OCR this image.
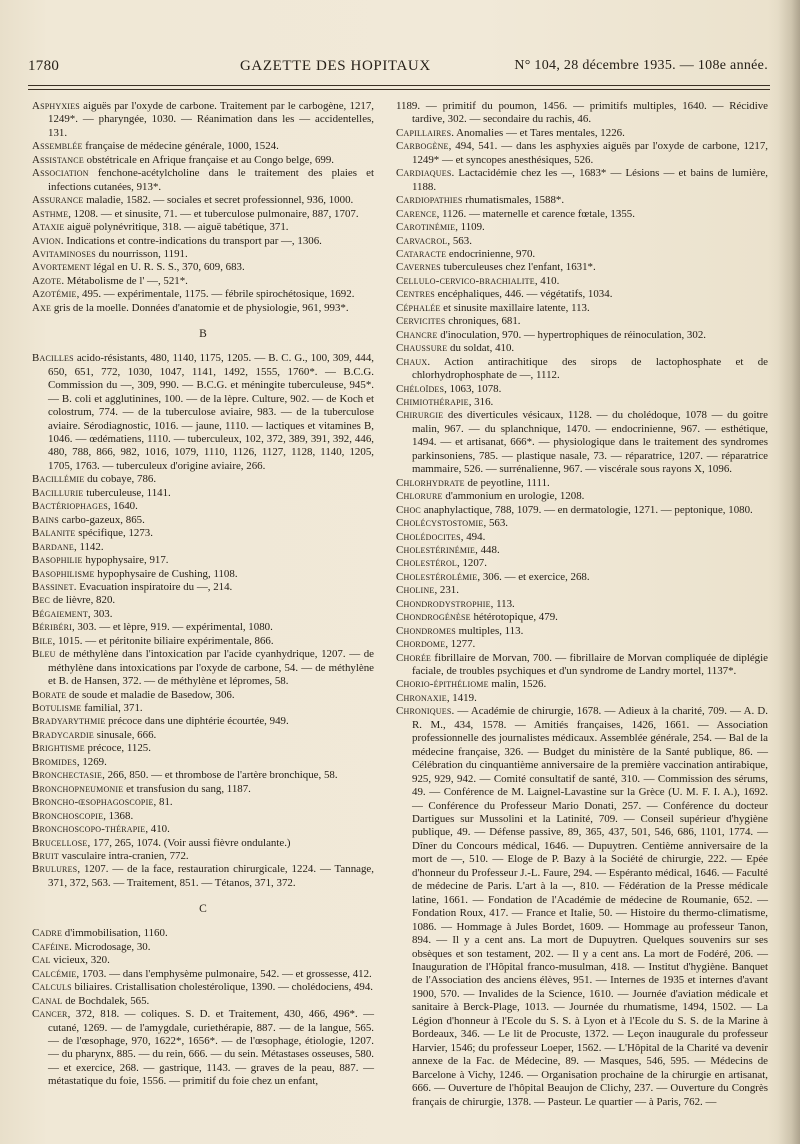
1780	GAZETTE DES HOPITAUX	N° 104, 28 décembre 1935. — 108e année.

Asphyxies aiguës par l'oxyde de carbone. Traitement par le carbogène, 1217, 1249*. — pharyngée, 1030. — Réanimation dans les — accidentelles, 131.

Assemblée française de médecine générale, 1000, 1524.

Assistance obstétricale en Afrique française et au Congo belge, 699.

Association fenchone-acétylcholine dans le traitement des plaies et infections cutanées, 913*.

Assurance maladie, 1582. — sociales et secret professionnel, 936, 1000.

Asthme, 1208. — et sinusite, 71. — et tuberculose pulmonaire, 887, 1707.

Ataxie aiguë polynévritique, 318. — aiguë tabétique, 371.

Avion. Indications et contre-indications du transport par —, 1306.

Avitaminoses du nourrisson, 1191.

Avortement légal en U. R. S. S., 370, 609, 683.

Azote. Métabolisme de l' —, 521*.

Azotémie, 495. — expérimentale, 1175. — fébrile spirochétosique, 1692.

Axe gris de la moelle. Données d'anatomie et de physiologie, 961, 993*.

B

Bacilles acido-résistants, 480, 1140, 1175, 1205. — B. C. G., 100, 309, 444, 650, 651, 772, 1030, 1047, 1141, 1492, 1555, 1760*. — B.C.G. Commission du —, 309, 990. — B.C.G. et méningite tuberculeuse, 945*. — B. coli et agglutinines, 100. — de la lèpre. Culture, 902. — de Koch et colostrum, 774. — de la tuberculose aviaire, 983. — de la tuberculose aviaire. Sérodiagnostic, 1016. — jaune, 1110. — lactiques et vitamines B, 1046. — œdématiens, 1110. — tuberculeux, 102, 372, 389, 391, 392, 446, 480, 788, 866, 982, 1016, 1079, 1110, 1126, 1127, 1128, 1140, 1205, 1705, 1763. — tuberculeux d'origine aviaire, 266.

Bacillémie du cobaye, 786.

Bacillurie tuberculeuse, 1141.

Bactériophages, 1640.

Bains carbo-gazeux, 865.

Balanite spécifique, 1273.

Bardane, 1142.

Basophilie hypophysaire, 917.

Basophilisme hypophysaire de Cushing, 1108.

Bassinet. Evacuation inspiratoire du —, 214.

Bec de lièvre, 820.

Bégaiement, 303.

Béribéri, 303. — et lèpre, 919. — expérimental, 1080.

Bile, 1015. — et péritonite biliaire expérimentale, 866.

Bleu de méthylène dans l'intoxication par l'acide cyanhydrique, 1207. — de méthylène dans intoxications par l'oxyde de carbone, 54. — de méthylène et B. de Hansen, 372. — de méthylène et lépromes, 58.

Borate de soude et maladie de Basedow, 306.

Botulisme familial, 371.

Bradyarythmie précoce dans une diphtérie écourtée, 949.

Bradycardie sinusale, 666.

Brightisme précoce, 1125.

Bromides, 1269.

Bronchectasie, 266, 850. — et thrombose de l'artère bronchique, 58.

Bronchopneumonie et transfusion du sang, 1187.

Broncho-œsophagoscopie, 81.

Bronchoscopie, 1368.

Bronchoscopo-thérapie, 410.

Brucellose, 177, 265, 1074. (Voir aussi fièvre ondulante.)

Bruit vasculaire intra-cranien, 772.

Brulures, 1207. — de la face, restauration chirurgicale, 1224. — Tannage, 371, 372, 563. — Traitement, 851. — Tétanos, 371, 372.

C

Cadre d'immobilisation, 1160.

Caféine. Microdosage, 30.

Cal vicieux, 320.

Calcémie, 1703. — dans l'emphysème pulmonaire, 542. — et grossesse, 412.

Calculs biliaires. Cristallisation cholestérolique, 1390. — cholédociens, 494.

Canal de Bochdalek, 565.

Cancer, 372, 818. — coliques. S. D. et Traitement, 430, 466, 496*. — cutané, 1269. — de l'amygdale, curiethérapie, 887. — de la langue, 565. — de l'œsophage, 970, 1622*, 1656*. — de l'œsophage, étiologie, 1207. — du pharynx, 885. — du rein, 666. — du sein. Métastases osseuses, 580. — et exercice, 268. — gastrique, 1143. — graves de la peau, 887. — métastatique du foie, 1556. — primitif du foie chez un enfant,

1189. — primitif du poumon, 1456. — primitifs multiples, 1640. — Récidive tardive, 302. — secondaire du rachis, 46.

Capillaires. Anomalies — et Tares mentales, 1226.

Carbogène, 494, 541. — dans les asphyxies aiguës par l'oxyde de carbone, 1217, 1249* — et syncopes anesthésiques, 526.

Cardiaques. Lactacidémie chez les —, 1683* — Lésions — et bains de lumière, 1188.

Cardiopathies rhumatismales, 1588*.

Carence, 1126. — maternelle et carence fœtale, 1355.

Carotinémie, 1109.

Carvacrol, 563.

Cataracte endocrinienne, 970.

Cavernes tuberculeuses chez l'enfant, 1631*.

Cellulo-cervico-brachialite, 410.

Centres encéphaliques, 446. — végétatifs, 1034.

Céphalée et sinusite maxillaire latente, 113.

Cervicites chroniques, 681.

Chancre d'inoculation, 970. — hypertrophiques de réinoculation, 302.

Chaussure du soldat, 410.

Chaux. Action antirachitique des sirops de lactophosphate et de chlorhydrophosphate de —, 1112.

Chéloïdes, 1063, 1078.

Chimiothérapie, 316.

Chirurgie des diverticules vésicaux, 1128. — du cholédoque, 1078 — du goitre malin, 967. — du splanchnique, 1470. — endocrinienne, 967. — esthétique, 1494. — et artisanat, 666*. — physiologique dans le traitement des syndromes parkinsoniens, 785. — plastique nasale, 73. — réparatrice, 1207. — réparatrice mammaire, 526. — surrénalienne, 967. — viscérale sous rayons X, 1096.

Chlorhydrate de peyotline, 1111.

Chlorure d'ammonium en urologie, 1208.

Choc anaphylactique, 788, 1079. — en dermatologie, 1271. — peptonique, 1080.

Cholécystostomie, 563.

Cholédocites, 494.

Cholestérinémie, 448.

Cholestérol, 1207.

Cholestérolémie, 306. — et exercice, 268.

Choline, 231.

Chondrodystrophie, 113.

Chondrogénèse hétérotopique, 479.

Chondromes multiples, 113.

Chordome, 1277.

Chorée fibrillaire de Morvan, 700. — fibrillaire de Morvan compliquée de diplégie faciale, de troubles psychiques et d'un syndrome de Landry mortel, 1137*.

Chorio-épithéliome malin, 1526.

Chronaxie, 1419.

Chroniques. — Académie de chirurgie, 1678. — Adieux à la charité, 709. — A. D. R. M., 434, 1578. — Amitiés françaises, 1426, 1661. — Association professionnelle des journalistes médicaux. Assemblée générale, 254. — Bal de la médecine française, 326. — Budget du ministère de la Santé publique, 86. — Célébration du cinquantième anniversaire de la première vaccination antirabique, 925, 929, 942. — Comité consultatif de santé, 310. — Commission des sérums, 49. — Conférence de M. Laignel-Lavastine sur la Grèce (U. M. F. I. A.), 1692. — Conférence du Professeur Mario Donati, 257. — Conférence du docteur Dartigues sur Mussolini et la Latinité, 709. — Conseil supérieur d'hygiène publique, 49. — Défense passive, 89, 365, 437, 501, 546, 686, 1101, 1774. — Dîner du Concours médical, 1646. — Dupuytren. Centième anniversaire de la mort de —, 510. — Eloge de P. Bazy à la Société de chirurgie, 222. — Epée d'honneur du Professeur J.-L. Faure, 294. — Espéranto médical, 1646. — Faculté de médecine de Paris. L'art à la —, 810. — Fédération de la Presse médicale latine, 1661. — Fondation de l'Académie de médecine de Roumanie, 652. — Fondation Roux, 417. — France et Italie, 50. — Histoire du thermo-climatisme, 1086. — Hommage à Jules Bordet, 1609. — Hommage au professeur Tanon, 894. — Il y a cent ans. La mort de Dupuytren. Quelques souvenirs sur ses obsèques et son testament, 202. — Il y a cent ans. La mort de Fodéré, 206. — Inauguration de l'Hôpital franco-musulman, 418. — Institut d'hygiène. Banquet de l'Association des anciens élèves, 951. — Internes de 1935 et internes d'avant 1900, 570. — Invalides de la Science, 1610. — Journée d'aviation médicale et sanitaire à Berck-Plage, 1013. — Journée du rhumatisme, 1494, 1502. — La Légion d'honneur à l'Ecole du S. S. à Lyon et à l'Ecole du S. S. de la Marine à Bordeaux, 346. — Le lit de Procuste, 1372. — Leçon inaugurale du professeur Harvier, 1546; du professeur Loeper, 1562. — L'Hôpital de la Charité va devenir annexe de la Fac. de Médecine, 89. — Masques, 546, 595. — Médecins de Barcelone à Vichy, 1246. — Organisation prochaine de la chirurgie en artisanat, 666. — Ouverture de l'hôpital Beaujon de Clichy, 237. — Ouverture du Congrès français de chirurgie, 1378. — Pasteur. Le quartier — à Paris, 762. —
